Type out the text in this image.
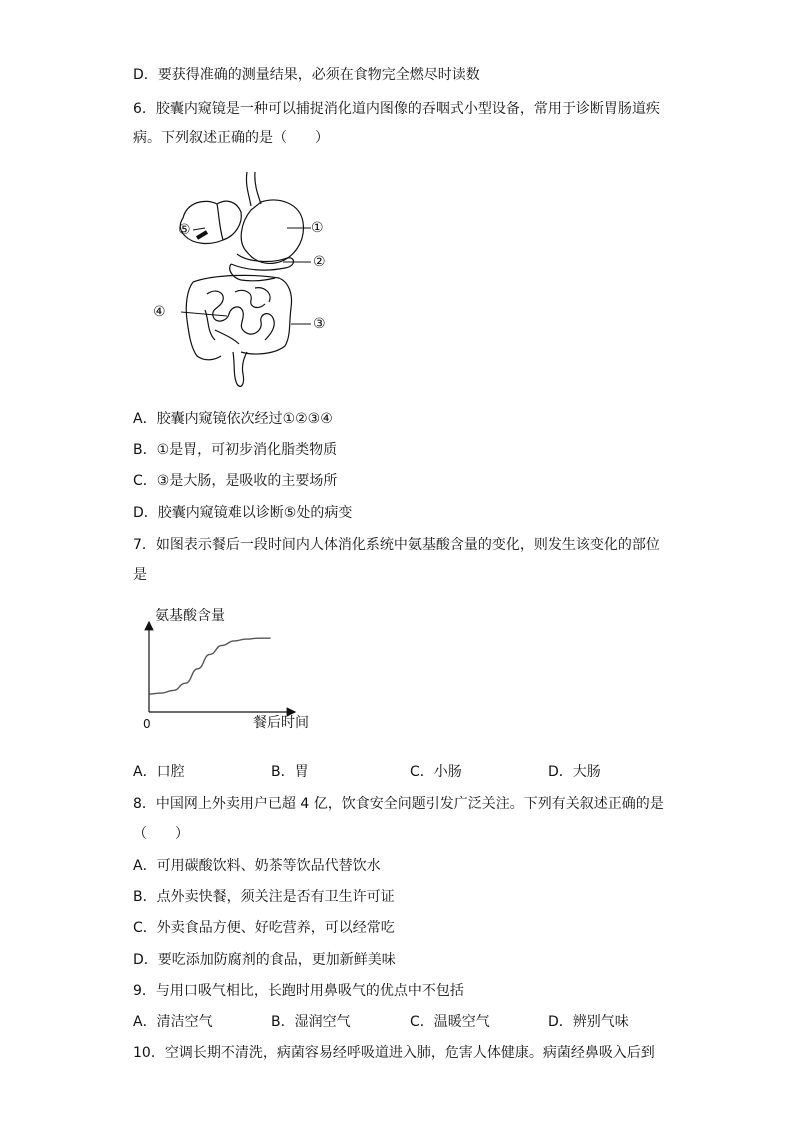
D．要获得准确的测量结果，必须在食物完全燃尽时读数
6．胶囊内窥镜是一种可以捕捉消化道内图像的吞咽式小型设备，常用于诊断胃肠道疾
病。下列叙述正确的是（　　）
⑤	①
②
③
④
A．胶囊内窥镜依次经过①②③④
B．①是胃，可初步消化脂类物质
C．③是大肠，是吸收的主要场所
D．胶囊内窥镜难以诊断⑤处的病变
7．如图表示餐后一段时间内人体消化系统中氨基酸含量的变化，则发生该变化的部位
是
氨基酸含量
餐后时间
0
A．口腔	B．胃	C．小肠	D．大肠
8．中国网上外卖用户已超 4 亿，饮食安全问题引发广泛关注。下列有关叙述正确的是
（　　）
A．可用碳酸饮料、奶茶等饮品代替饮水
B．点外卖快餐，须关注是否有卫生许可证
C．外卖食品方便、好吃营养，可以经常吃
D．要吃添加防腐剂的食品，更加新鲜美味
9．与用口吸气相比，长跑时用鼻吸气的优点中不包括
A．清洁空气	B．湿润空气	C．温暖空气	D．辨别气味
10．空调长期不清洗，病菌容易经呼吸道进入肺，危害人体健康。病菌经鼻吸入后到
